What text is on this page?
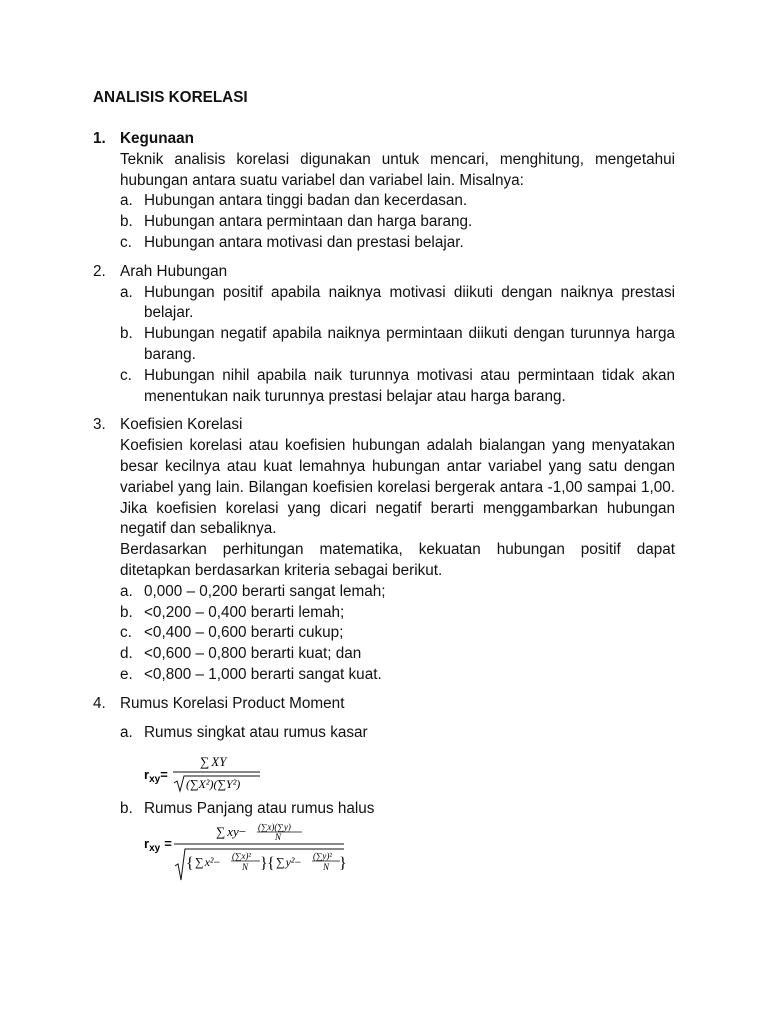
ANALISIS KORELASI
1. Kegunaan
Teknik analisis korelasi digunakan untuk mencari, menghitung, mengetahui hubungan antara suatu variabel dan variabel lain. Misalnya:
a. Hubungan antara tinggi badan dan kecerdasan.
b. Hubungan antara permintaan dan harga barang.
c. Hubungan antara motivasi dan prestasi belajar.
2. Arah Hubungan
a. Hubungan positif apabila naiknya motivasi diikuti dengan naiknya prestasi belajar.
b. Hubungan negatif apabila naiknya permintaan diikuti dengan turunnya harga barang.
c. Hubungan nihil apabila naik turunnya motivasi atau permintaan tidak akan menentukan naik turunnya prestasi belajar atau harga barang.
3. Koefisien Korelasi
Koefisien korelasi atau koefisien hubungan adalah bialangan yang menyatakan besar kecilnya atau kuat lemahnya hubungan antar variabel yang satu dengan variabel yang lain. Bilangan koefisien korelasi bergerak antara -1,00 sampai 1,00. Jika koefisien korelasi yang dicari negatif berarti menggambarkan hubungan negatif dan sebaliknya.
Berdasarkan perhitungan matematika, kekuatan hubungan positif dapat ditetapkan berdasarkan kriteria sebagai berikut.
a. 0,000 – 0,200 berarti sangat lemah;
b. <0,200 – 0,400 berarti lemah;
c. <0,400 – 0,600 berarti cukup;
d. <0,600 – 0,800 berarti kuat; dan
e. <0,800 – 1,000 berarti sangat kuat.
4. Rumus Korelasi Product Moment
a. Rumus singkat atau rumus kasar
$r_{xy}=$
∑ XY
(∑X²)(∑Y²)
b. Rumus Panjang atau rumus halus
$r_{xy}$ =
∑ xy− (∑x)(∑y)
N
{ ∑x²− (∑x)²
N } { ∑y²− (∑y)²
N }
